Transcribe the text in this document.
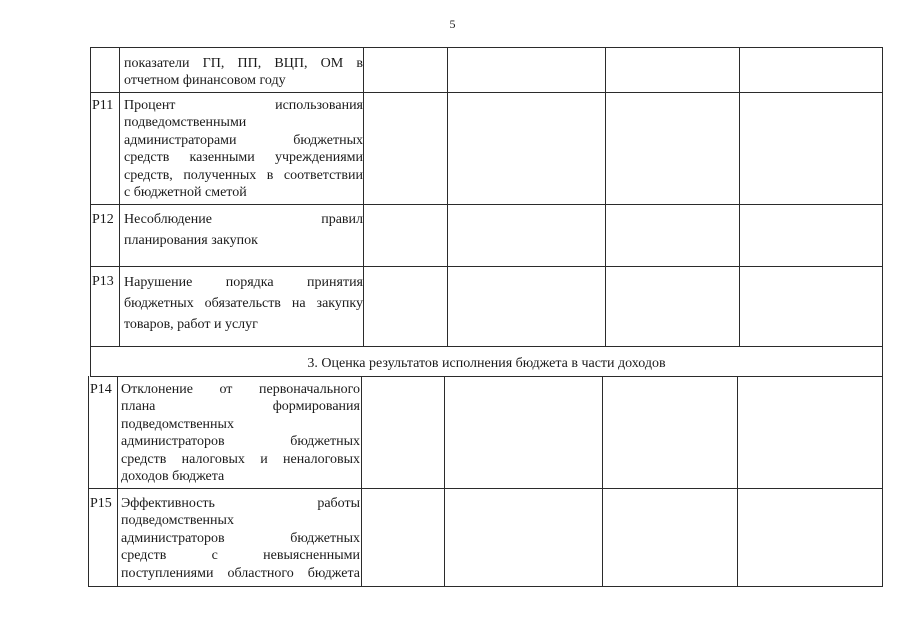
5
показатели ГП, ПП, ВЦП, ОМ в
отчетном финансовом году
P11 Процент использования
подведомственными
администраторами бюджетных
средств казенными учреждениями
средств, полученных в соответствии
с бюджетной сметой
P12 Несоблюдение правил
планирования закупок
P13 Нарушение порядка принятия
бюджетных обязательств на закупку
товаров, работ и услуг
3. Оценка результатов исполнения бюджета в части доходов
P14 Отклонение от первоначального
плана формирования
подведомственных
администраторов бюджетных
средств налоговых и неналоговых
доходов бюджета
P15 Эффективность работы
подведомственных
администраторов бюджетных
средств с невыясненными
поступлениями областного бюджета
